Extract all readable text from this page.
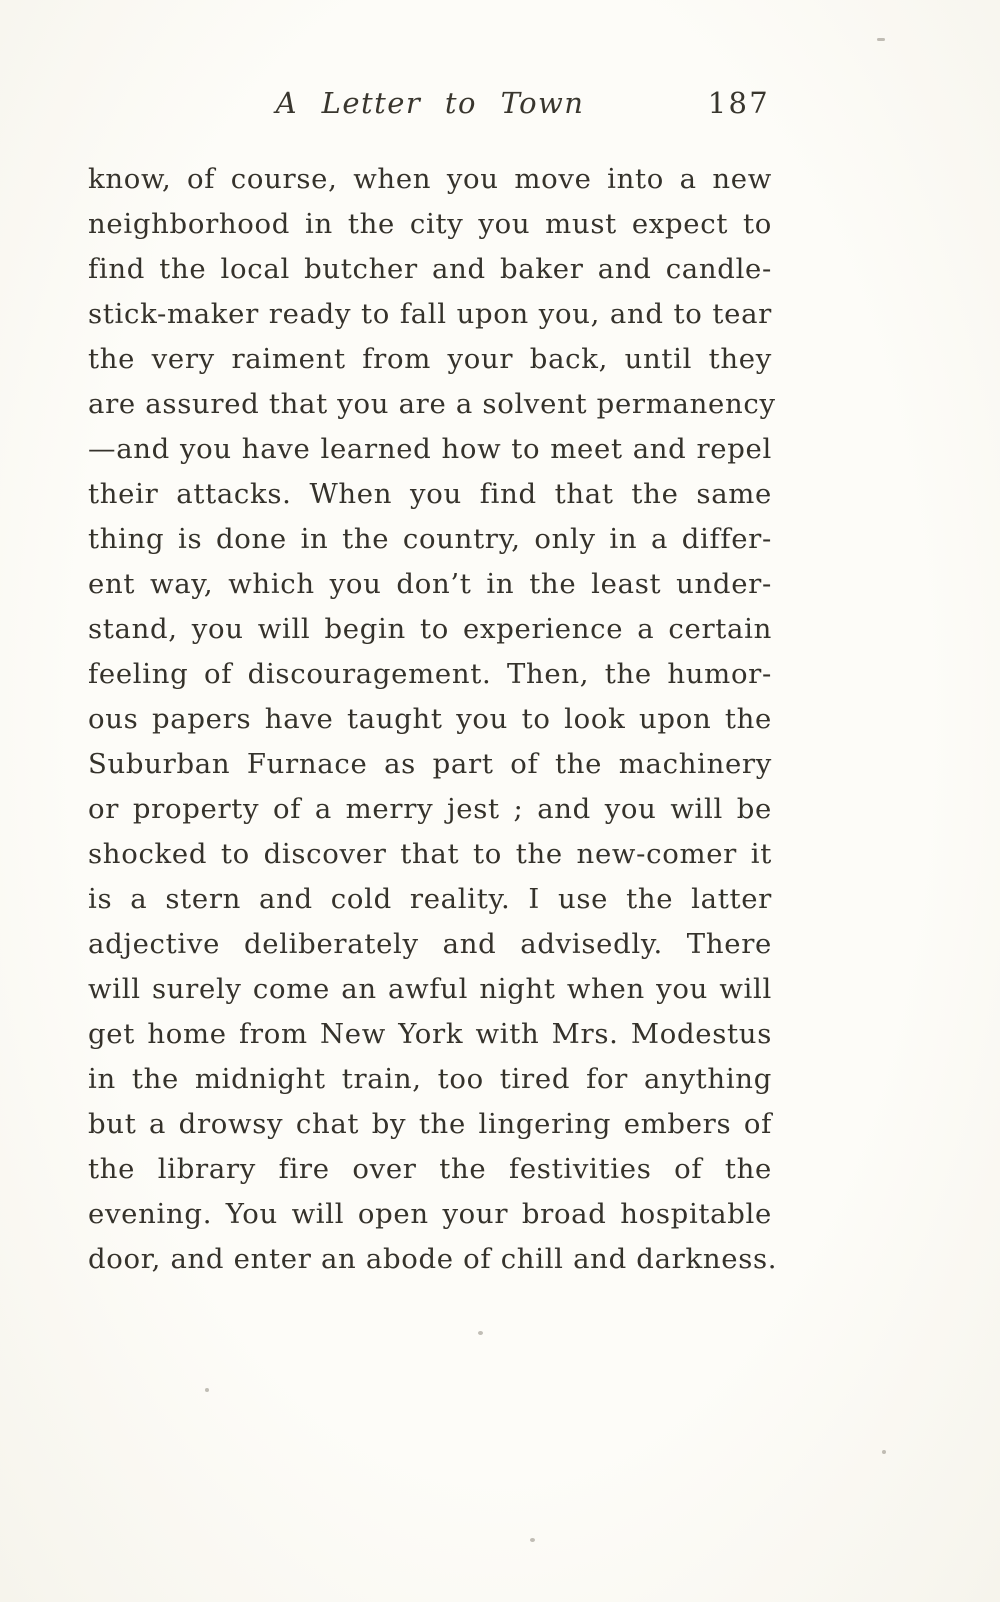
A Letter to Town	187
know, of course, when you move into a new
neighborhood in the city you must expect to
find the local butcher and baker and candle-
stick-maker ready to fall upon you, and to tear
the very raiment from your back, until they
are assured that you are a solvent permanency
—and you have learned how to meet and repel
their attacks. When you find that the same
thing is done in the country, only in a differ-
ent way, which you don’t in the least under-
stand, you will begin to experience a certain
feeling of discouragement. Then, the humor-
ous papers have taught you to look upon the
Suburban Furnace as part of the machinery
or property of a merry jest ; and you will be
shocked to discover that to the new-comer it
is a stern and cold reality. I use the latter
adjective deliberately and advisedly. There
will surely come an awful night when you will
get home from New York with Mrs. Modestus
in the midnight train, too tired for anything
but a drowsy chat by the lingering embers of
the library fire over the festivities of the
evening. You will open your broad hospitable
door, and enter an abode of chill and darkness.
